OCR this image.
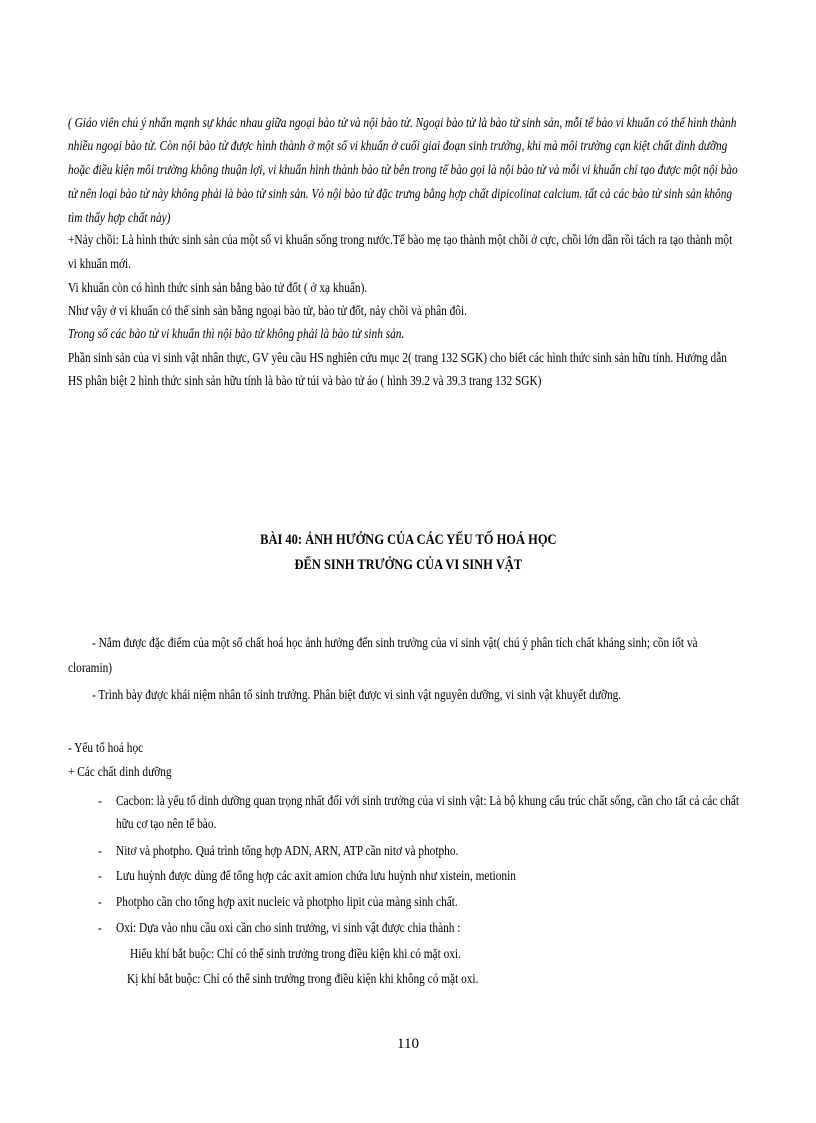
( Giáo viên chú ý nhấn mạnh sự khác nhau giữa ngoại bào tử và nội bào tử. Ngoại bào tử là bào tử sinh sản, mỗi tế bào vi khuẩn có thể hình thành
nhiều ngoại bào tử. Còn nội bào tử được hình thành ở một số vi khuẩn ở cuối giai đoạn sinh trưởng, khi mà môi trường cạn kiệt chất dinh dưỡng
hoặc điều kiện môi trường không thuận lợi, vi khuẩn hình thành bào tử bên trong tế bào gọi là nội bào tử và mỗi vi khuẩn chỉ tạo được một nội bào
tử nên loại bào tử này không phải là bào tử sinh sản. Vỏ nội bào tử đặc trưng bằng hợp chất dipicolinat calcium. tất cả các bào tử sinh sản không
tìm thấy hợp chất này)
+Nảy chồi: Là hình thức sinh sản của một số vi khuẩn sống trong nước.Tế bào mẹ tạo thành một chồi ở cực, chồi lớn dần rồi tách ra tạo thành một
vi khuẩn mới.
Vi khuẩn còn có hình thức sinh sản bằng bào tử đốt ( ở xạ khuẩn).
Như vậy ở vi khuẩn có thể sinh sản bằng ngoại bào tử, bào tử đốt, nảy chồi và phân đôi.
Trong số các bào tử vi khuẩn thì nội bào tử không phải là bào tử sinh sản.
Phần sinh sản của vi sinh vật nhân thực, GV yêu cầu HS nghiên cứu mục 2( trang 132 SGK) cho biết các hình thức sinh sản hữu tính. Hướng dẫn
HS phân biệt 2 hình thức sinh sản hữu tính là bào tử túi và bào tử áo ( hình 39.2 và 39.3 trang 132 SGK)
BÀI 40: ẢNH HƯỞNG CỦA CÁC YẾU TỐ HOÁ HỌC
ĐẾN SINH TRƯỞNG CỦA VI SINH VẬT
- Nắm được đặc điểm của một số chất hoá học ảnh hưởng đến sinh trưởng của vi sinh vật( chú ý phân tích chất kháng sinh; cồn iốt và
cloramin)
- Trình bày được khái niệm nhân tố sinh trưởng. Phân biệt được vi sinh vật nguyên dưỡng, vi sinh vật khuyết dưỡng.
- Yếu tố hoá học
+ Các chất dinh dưỡng
- Cacbon: là yếu tố dinh dưỡng quan trọng nhất đối với sinh trưởng của vi sinh vật: Là bộ khung cấu trúc chất sống, cần cho tất cả các chất
hữu cơ tạo nên tế bào.
- Nitơ và photpho. Quá trình tổng hợp ADN, ARN, ATP cần nitơ và photpho.
- Lưu huỳnh được dùng để tổng hợp các axit amion chứa lưu huỳnh như xistein, metionin
- Photpho cần cho tổng hợp axit nucleic và photpho lipit của màng sinh chất.
- Oxi: Dựa vào nhu cầu oxi cần cho sinh trưởng, vi sinh vật được chia thành :
Hiếu khí bắt buộc: Chỉ có thể sinh trưởng trong điều kiện khi có mặt oxi.
Kị khí bắt buộc: Chỉ có thể sinh trưởng trong điều kiện khi không có mặt oxi.
110
